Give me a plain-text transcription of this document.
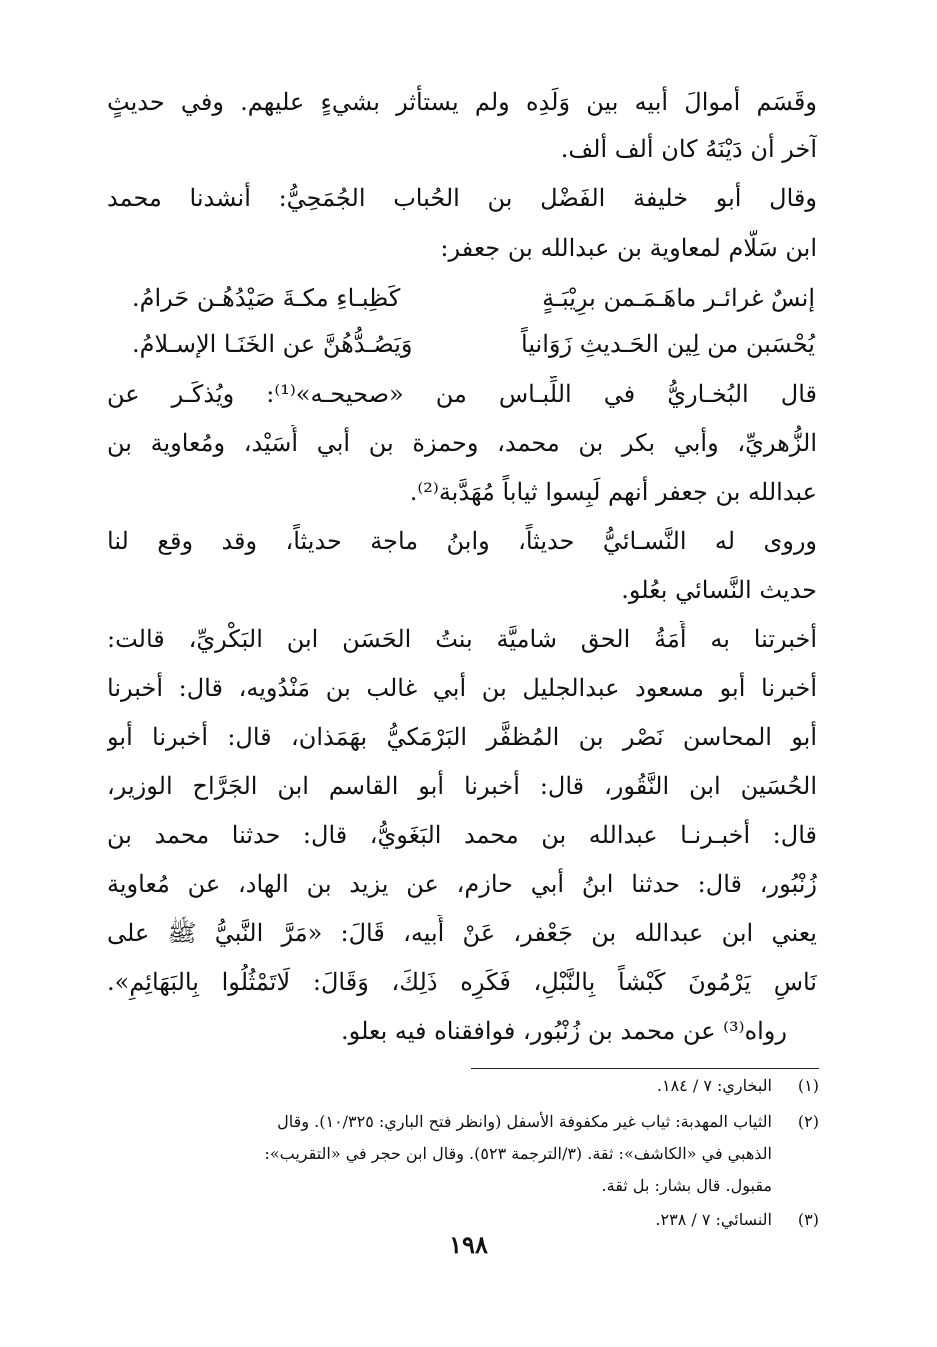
وقَسَم أموالَ أبيه بين وَلَدِه ولم يستأثر بشيءٍ عليهم. وفي حديثٍ
آخر أن دَيْنَهُ كان ألف ألف.
وقال أبو خليفة الفَضْل بن الحُباب الجُمَحِيُّ: أنشدنا محمد
ابن سَلّام لمعاوية بن عبدالله بن جعفر:
إنسٌ غرائـر ماهَـمَـمن برِيْبَـةٍ
كَظِبـاءِ مكـةَ صَيْدُهُـن حَرامُ.
يُحْسَبن من لِين الحَـديثِ زَوَانياً
وَيَصُـدُّهُنَّ عن الخَنَـا الإسـلامُ.
قال البُخـاريُّ في اللِّبـاس من «صحيحـه»⁽¹⁾: ويُذكَـر عن
الزُّهريِّ، وأبي بكر بن محمد، وحمزة بن أبي أُسَيْد، ومُعاوية بن
عبدالله بن جعفر أنهم لَبِسوا ثياباً مُهَدَّبة⁽²⁾.
وروى له النَّسـائيُّ حديثاً، وابنُ ماجة حديثاً، وقد وقع لنا
حديث النَّسائي بعُلو.
أخبرتنا به أَمَةُ الحق شاميَّة بنتُ الحَسَن ابن البَكْريِّ، قالت:
أخبرنا أبو مسعود عبدالجليل بن أبي غالب بن مَنْدُويه، قال: أخبرنا
أبو المحاسن نَصْر بن المُظفَّر البَرْمَكيُّ بهَمَذان، قال: أخبرنا أبو
الحُسَين ابن النَّقُور، قال: أخبرنا أبو القاسم ابن الجَرَّاح الوزير،
قال: أخبـرنـا عبدالله بن محمد البَغَويُّ، قال: حدثنا محمد بن
زُنْبُور، قال: حدثنا ابنُ أبي حازم، عن يزيد بن الهاد، عن مُعاوية
يعني ابن عبدالله بن جَعْفر، عَنْ أَبيه، قَالَ: «مَرَّ النَّبيُّ ﷺ على
نَاسٍ يَرْمُونَ كَبْشاً بِالنَّبْلِ، فَكَرِه ذَلِكَ، وَقَالَ: لَاتَمْثُلُوا بِالبَهَائِمِ».
رواه⁽³⁾ عن محمد بن زُنْبُور، فوافقناه فيه بعلو.
(١)
البخاري: ٧ / ١٨٤.
(٢)
الثياب المهدبة: ثياب غير مكفوفة الأسفل (وانظر فتح الباري: ١٠/٣٢٥). وقال
الذهبي في «الكاشف»: ثقة. (٣/الترجمة ٥٢٣). وقال ابن حجر في «التقريب»:
مقبول. قال بشار: بل ثقة.
(٣)
النسائي: ٧ / ٢٣٨.
١٩٨
